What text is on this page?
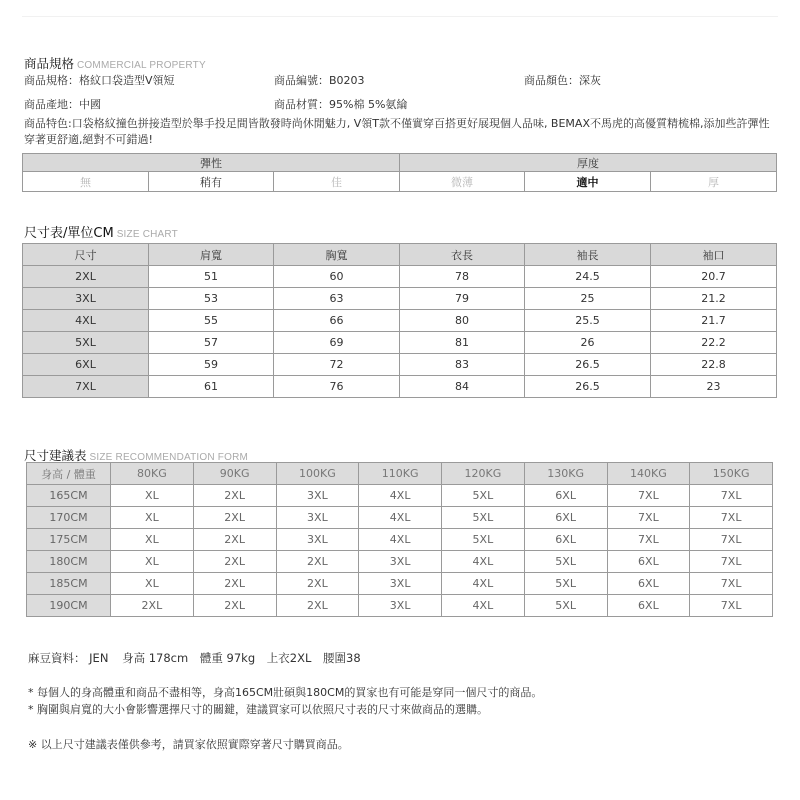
商品規格 COMMERCIAL PROPERTY
商品規格：格紋口袋造型V領短	商品編號：B0203	商品顏色：深灰
商品產地：中國	商品材質：95%棉 5%氨綸
商品特色:口袋格紋撞色拼接造型於舉手投足間皆散發時尚休閒魅力, V領T款不僅實穿百搭更好展現個人品味, BEMAX不馬虎的高優質精梳棉,添加些許彈性穿著更舒適,絕對不可錯過!
彈性			厚度		
無	稍有	佳	微薄	適中	厚
尺寸表/單位CM SIZE CHART
尺寸	肩寬	胸寬	衣長	袖長	袖口
2XL	51	60	78	24.5	20.7
3XL	53	63	79	25	21.2
4XL	55	66	80	25.5	21.7
5XL	57	69	81	26	22.2
6XL	59	72	83	26.5	22.8
7XL	61	76	84	26.5	23
尺寸建議表 SIZE RECOMMENDATION FORM
身高 / 體重	80KG	90KG	100KG	110KG	120KG	130KG	140KG	150KG
165CM	XL	2XL	3XL	4XL	5XL	6XL	7XL	7XL
170CM	XL	2XL	3XL	4XL	5XL	6XL	7XL	7XL
175CM	XL	2XL	3XL	4XL	5XL	6XL	7XL	7XL
180CM	XL	2XL	2XL	3XL	4XL	5XL	6XL	7XL
185CM	XL	2XL	2XL	3XL	4XL	5XL	6XL	7XL
190CM	2XL	2XL	2XL	3XL	4XL	5XL	6XL	7XL
麻豆資料： JEN 身高 178cm 體重 97kg 上衣2XL 腰圍38
* 每個人的身高體重和商品不盡相等，身高165CM壯碩與180CM的買家也有可能是穿同一個尺寸的商品。
* 胸圍與肩寬的大小會影響選擇尺寸的關鍵，建議買家可以依照尺寸表的尺寸來做商品的選購。
※ 以上尺寸建議表僅供參考，請買家依照實際穿著尺寸購買商品。
